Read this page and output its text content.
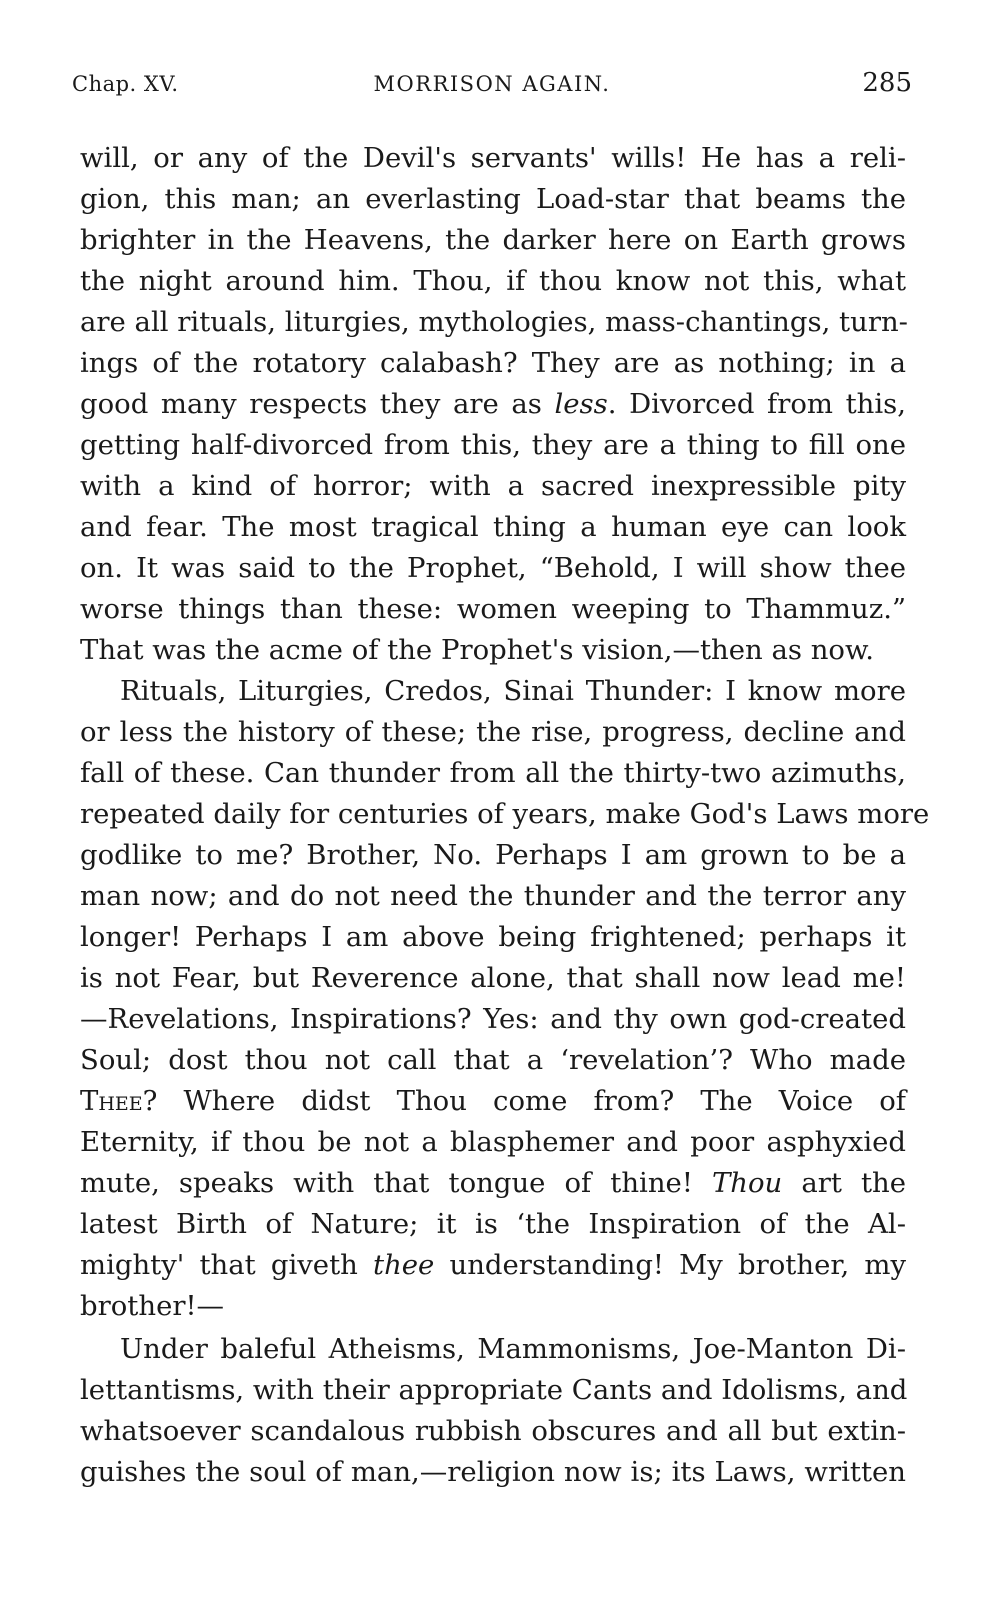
Chap. XV.	MORRISON AGAIN.	285
will, or any of the Devil's servants' wills! He has a reli-
gion, this man; an everlasting Load-star that beams the
brighter in the Heavens, the darker here on Earth grows
the night around him. Thou, if thou know not this, what
are all rituals, liturgies, mythologies, mass-chantings, turn-
ings of the rotatory calabash? They are as nothing; in a
good many respects they are as less. Divorced from this,
getting half-divorced from this, they are a thing to fill one
with a kind of horror; with a sacred inexpressible pity
and fear. The most tragical thing a human eye can look
on. It was said to the Prophet, “Behold, I will show thee
worse things than these: women weeping to Thammuz.”
That was the acme of the Prophet's vision,—then as now.
Rituals, Liturgies, Credos, Sinai Thunder: I know more
or less the history of these; the rise, progress, decline and
fall of these. Can thunder from all the thirty-two azimuths,
repeated daily for centuries of years, make God's Laws more
godlike to me? Brother, No. Perhaps I am grown to be a
man now; and do not need the thunder and the terror any
longer! Perhaps I am above being frightened; perhaps it
is not Fear, but Reverence alone, that shall now lead me!
—Revelations, Inspirations? Yes: and thy own god-created
Soul; dost thou not call that a ‘revelation’? Who made
Thee? Where didst Thou come from? The Voice of
Eternity, if thou be not a blasphemer and poor asphyxied
mute, speaks with that tongue of thine! Thou art the
latest Birth of Nature; it is ‘the Inspiration of the Al-
mighty' that giveth thee understanding! My brother, my
brother!—
Under baleful Atheisms, Mammonisms, Joe-Manton Di-
lettantisms, with their appropriate Cants and Idolisms, and
whatsoever scandalous rubbish obscures and all but extin-
guishes the soul of man,—religion now is; its Laws, written
